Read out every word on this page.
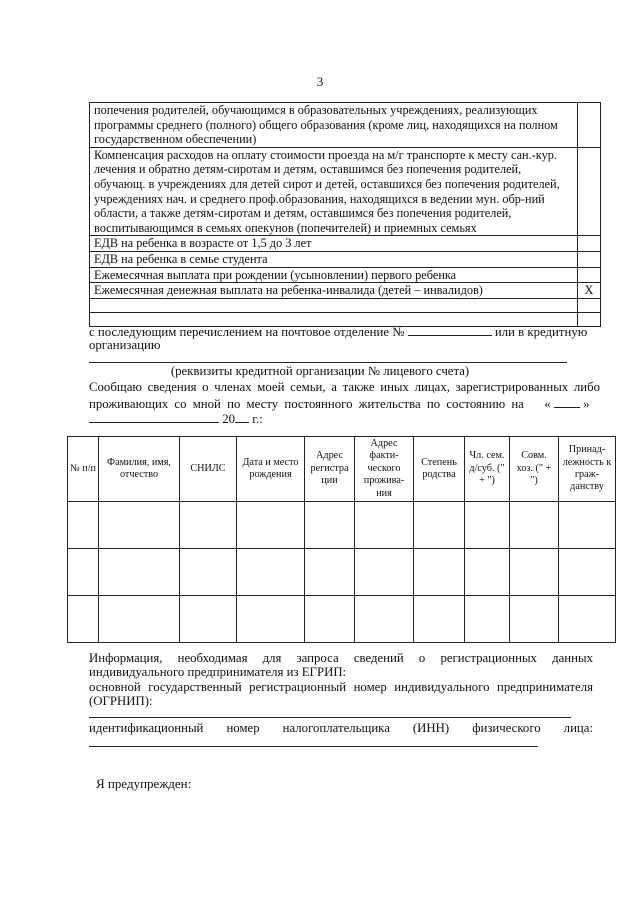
3
попечения родителей, обучающимся в образовательных учреждениях, реализующих программы среднего (полного) общего образования (кроме лиц, находящихся на полном государственном обеспечении)	
Компенсация расходов на оплату стоимости проезда на м/г транспорте к месту сан.-кур. лечения и обратно детям-сиротам и детям, оставшимся без попечения родителей, обучающ. в учреждениях для детей сирот и детей, оставшихся без попечения родителей, учреждениях нач. и среднего проф.образования, находящихся в ведении мун. обр-ний области, а также детям-сиротам и детям, оставшимся без попечения родителей, воспитывающимся в семьях опекунов (попечителей) и приемных семьях	
ЕДВ на ребенка в возрасте от 1,5 до 3 лет	
ЕДВ на ребенка в семье студента	
Ежемесячная выплата при рождении (усыновлении) первого ребенка	
Ежемесячная денежная выплата на ребенка-инвалида (детей – инвалидов)	X

с последующим перечислением на почтовое отделение №	или в кредитную
организацию
(реквизиты кредитной организации № лицевого счета)
Сообщаю сведения о членах моей семьи, а также иных лицах, зарегистрированных либо
проживающих со мной по месту постоянного жительства по состоянию на «	»
20 г.:
№ п/п	Фамилия, имя, отчество	СНИЛС	Дата и место рождения	Адрес регистра ции	Адрес факти-ческого прожива-ния	Степень родства	Чл. сем. д/суб. (" + ")	Совм. хоз. (" + ")	Принад-лежность к граж-данству

Информация, необходимая для запроса сведений о регистрационных данных
индивидуального предпринимателя из ЕГРИП:
основной государственный регистрационный номер индивидуального предпринимателя
(ОГРНИП):
идентификационный номер налогоплательщика (ИНН) физического лица:
Я предупрежден:
